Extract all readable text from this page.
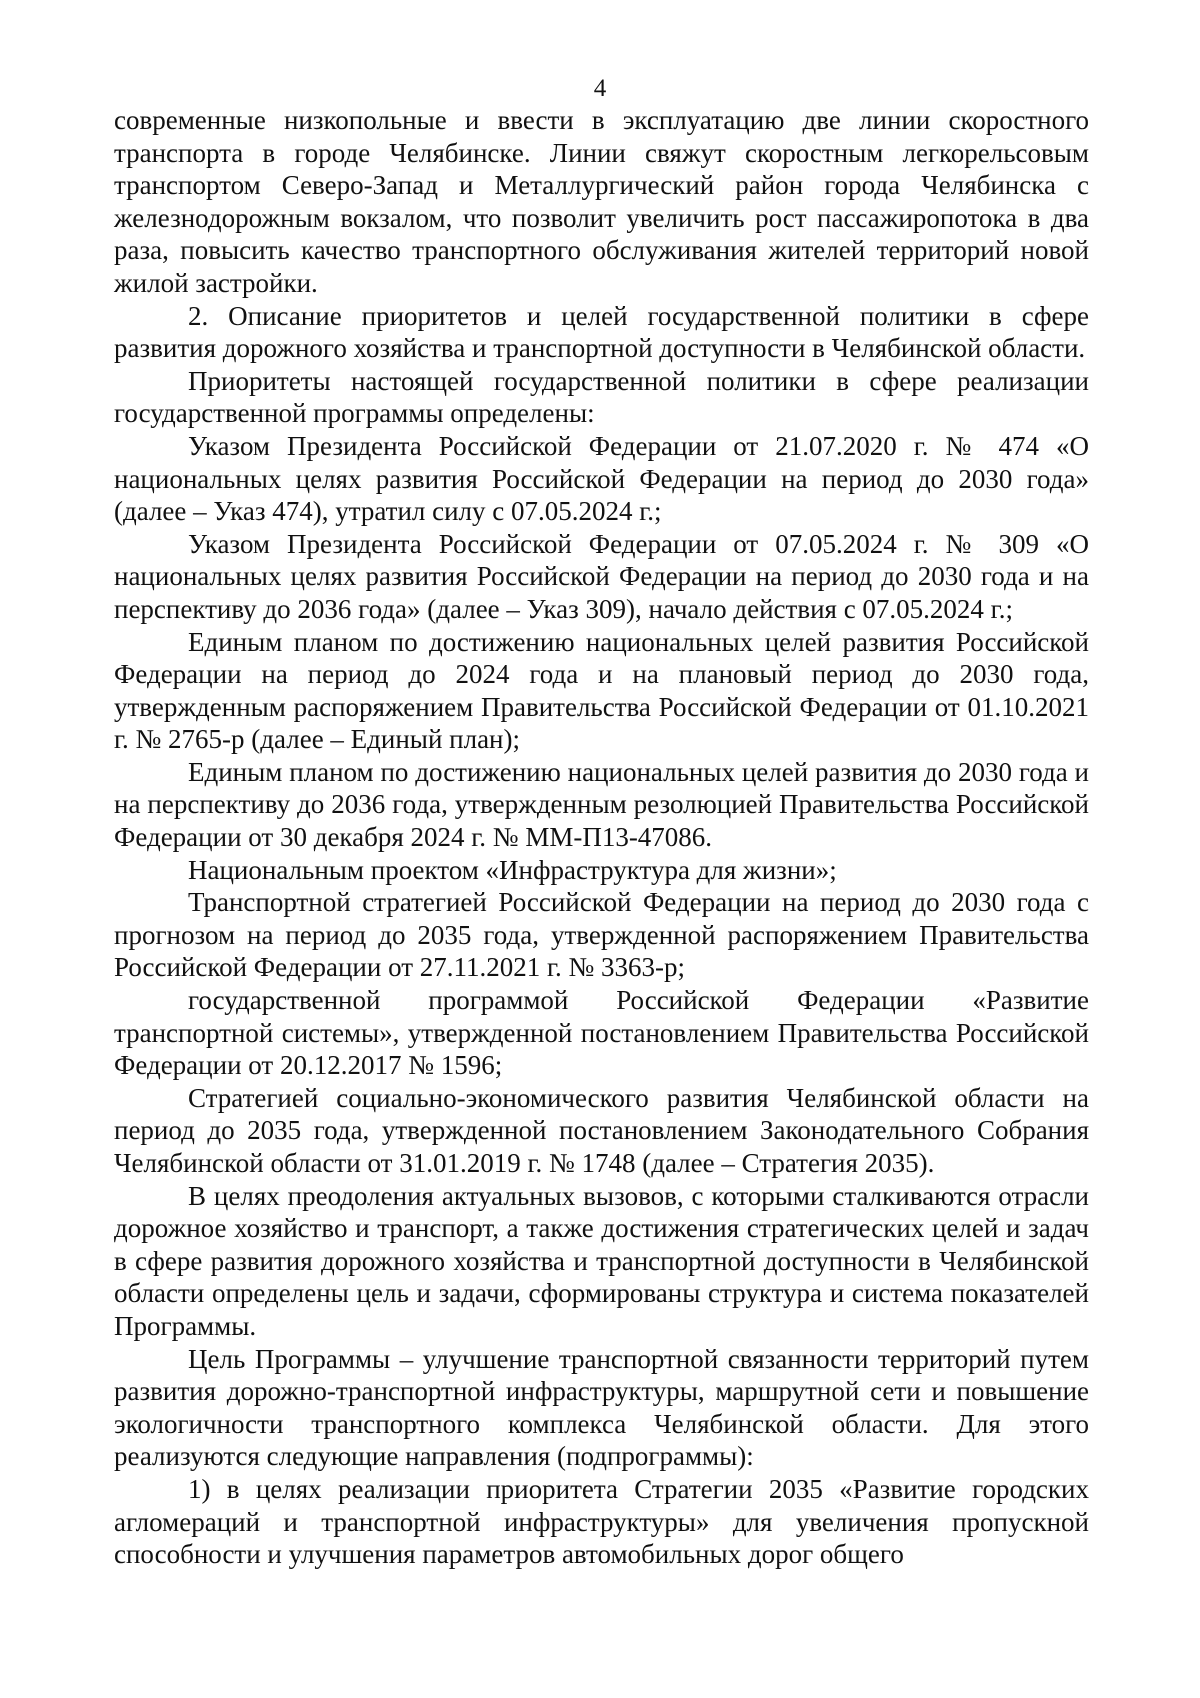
4

современные низкопольные и ввести в эксплуатацию две линии скоростного транспорта в городе Челябинске. Линии свяжут скоростным легкорельсовым транспортом Северо-Запад и Металлургический район города Челябинска с железнодорожным вокзалом, что позволит увеличить рост пассажиропотока в два раза, повысить качество транспортного обслуживания жителей территорий новой жилой застройки.

2. Описание приоритетов и целей государственной политики в сфере развития дорожного хозяйства и транспортной доступности в Челябинской области.

Приоритеты настоящей государственной политики в сфере реализации государственной программы определены:

Указом Президента Российской Федерации от 21.07.2020 г. № 474 «О национальных целях развития Российской Федерации на период до 2030 года» (далее – Указ 474), утратил силу с 07.05.2024 г.;

Указом Президента Российской Федерации от 07.05.2024 г. № 309 «О национальных целях развития Российской Федерации на период до 2030 года и на перспективу до 2036 года» (далее – Указ 309), начало действия с 07.05.2024 г.;

Единым планом по достижению национальных целей развития Российской Федерации на период до 2024 года и на плановый период до 2030 года, утвержденным распоряжением Правительства Российской Федерации от 01.10.2021 г. № 2765-р (далее – Единый план);

Единым планом по достижению национальных целей развития до 2030 года и на перспективу до 2036 года, утвержденным резолюцией Правительства Российской Федерации от 30 декабря 2024 г. № ММ-П13-47086.

Национальным проектом «Инфраструктура для жизни»;

Транспортной стратегией Российской Федерации на период до 2030 года с прогнозом на период до 2035 года, утвержденной распоряжением Правительства Российской Федерации от 27.11.2021 г. № 3363-р;

государственной программой Российской Федерации «Развитие транспортной системы», утвержденной постановлением Правительства Российской Федерации от 20.12.2017 № 1596;

Стратегией социально-экономического развития Челябинской области на период до 2035 года, утвержденной постановлением Законодательного Собрания Челябинской области от 31.01.2019 г. № 1748 (далее – Стратегия 2035).

В целях преодоления актуальных вызовов, с которыми сталкиваются отрасли дорожное хозяйство и транспорт, а также достижения стратегических целей и задач в сфере развития дорожного хозяйства и транспортной доступности в Челябинской области определены цель и задачи, сформированы структура и система показателей Программы.

Цель Программы – улучшение транспортной связанности территорий путем развития дорожно-транспортной инфраструктуры, маршрутной сети и повышение экологичности транспортного комплекса Челябинской области. Для этого реализуются следующие направления (подпрограммы):

1) в целях реализации приоритета Стратегии 2035 «Развитие городских агломераций и транспортной инфраструктуры» для увеличения пропускной способности и улучшения параметров автомобильных дорог общего
